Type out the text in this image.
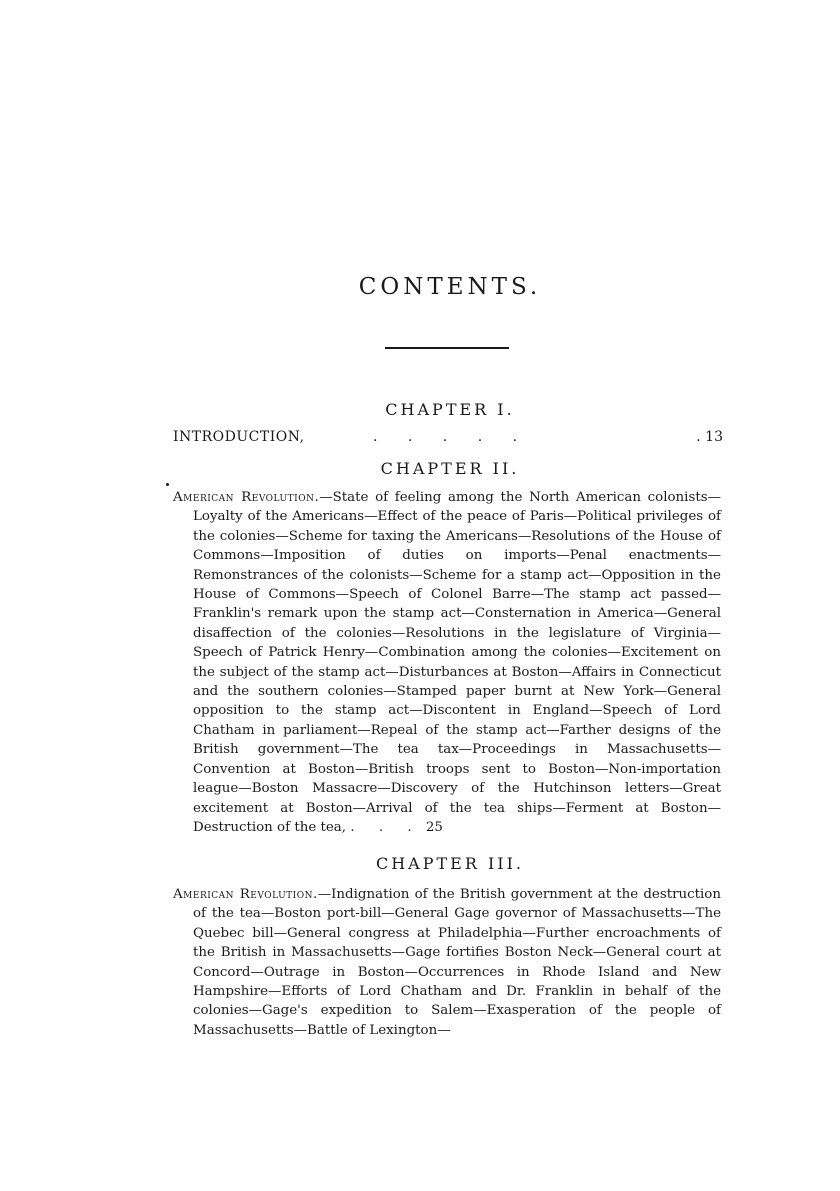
CONTENTS.
CHAPTER I.
INTRODUCTION,	. . . . .	. 13
CHAPTER II.
American Revolution.—State of feeling among the North American colonists—Loyalty of the Americans—Effect of the peace of Paris—Political privileges of the colonies—Scheme for taxing the Americans—Resolutions of the House of Commons—Imposition of duties on imports—Penal enactments—Remonstrances of the colonists—Scheme for a stamp act—Opposition in the House of Commons—Speech of Colonel Barre—The stamp act passed—Franklin's remark upon the stamp act—Consternation in America—General disaffection of the colonies—Resolutions in the legislature of Virginia—Speech of Patrick Henry—Combination among the colonies—Excitement on the subject of the stamp act—Disturbances at Boston—Affairs in Connecticut and the southern colonies—Stamped paper burnt at New York—General opposition to the stamp act—Discontent in England—Speech of Lord Chatham in parliament—Repeal of the stamp act—Farther designs of the British government—The tea tax—Proceedings in Massachusetts—Convention at Boston—British troops sent to Boston—Non-importation league—Boston Massacre—Discovery of the Hutchinson letters—Great excitement at Boston—Arrival of the tea ships—Ferment at Boston—Destruction of the tea, . . . 25
CHAPTER III.
American Revolution.—Indignation of the British government at the destruction of the tea—Boston port-bill—General Gage governor of Massachusetts—The Quebec bill—General congress at Philadelphia—Further encroachments of the British in Massachusetts—Gage fortifies Boston Neck—General court at Concord—Outrage in Boston—Occurrences in Rhode Island and New Hampshire—Efforts of Lord Chatham and Dr. Franklin in behalf of the colonies—Gage's expedition to Salem—Exasperation of the people of Massachusetts—Battle of Lexington—
